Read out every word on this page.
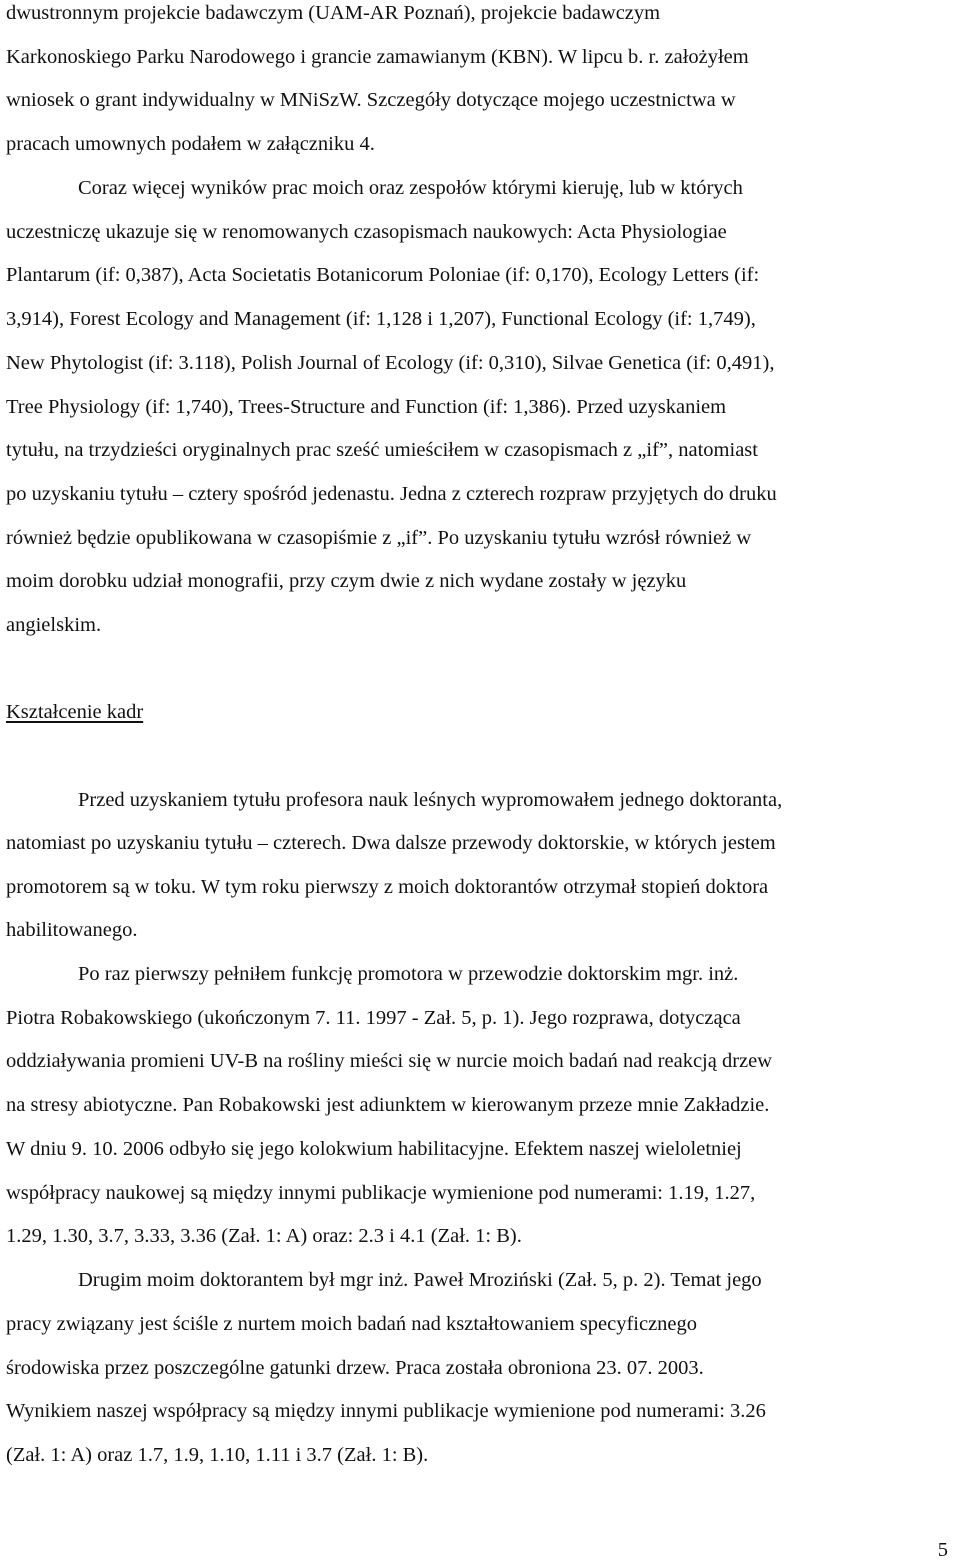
dwustronnym projekcie badawczym (UAM-AR Poznań), projekcie badawczym
Karkonoskiego Parku Narodowego i grancie zamawianym (KBN). W lipcu b. r. założyłem
wniosek o grant indywidualny w MNiSzW. Szczegóły dotyczące mojego uczestnictwa w
pracach umownych podałem w załączniku 4.
Coraz więcej wyników prac moich oraz zespołów którymi kieruję, lub w których
uczestniczę ukazuje się w renomowanych czasopismach naukowych: Acta Physiologiae
Plantarum (if: 0,387), Acta Societatis Botanicorum Poloniae (if: 0,170), Ecology Letters (if:
3,914), Forest Ecology and Management (if: 1,128 i 1,207), Functional Ecology (if: 1,749),
New Phytologist (if: 3.118), Polish Journal of Ecology (if: 0,310), Silvae Genetica (if: 0,491),
Tree Physiology (if: 1,740), Trees-Structure and Function (if: 1,386). Przed uzyskaniem
tytułu, na trzydzieści oryginalnych prac sześć umieściłem w czasopismach z „if”, natomiast
po uzyskaniu tytułu – cztery spośród jedenastu. Jedna z czterech rozpraw przyjętych do druku
również będzie opublikowana w czasopiśmie z „if”. Po uzyskaniu tytułu wzrósł również w
moim dorobku udział monografii, przy czym dwie z nich wydane zostały w języku
angielskim.
Kształcenie kadr
Przed uzyskaniem tytułu profesora nauk leśnych wypromowałem jednego doktoranta,
natomiast po uzyskaniu tytułu – czterech. Dwa dalsze przewody doktorskie, w których jestem
promotorem są w toku. W tym roku pierwszy z moich doktorantów otrzymał stopień doktora
habilitowanego.
Po raz pierwszy pełniłem funkcję promotora w przewodzie doktorskim mgr. inż.
Piotra Robakowskiego (ukończonym 7. 11. 1997 - Zał. 5, p. 1). Jego rozprawa, dotycząca
oddziaływania promieni UV-B na rośliny mieści się w nurcie moich badań nad reakcją drzew
na stresy abiotyczne. Pan Robakowski jest adiunktem w kierowanym przeze mnie Zakładzie.
W dniu 9. 10. 2006 odbyło się jego kolokwium habilitacyjne. Efektem naszej wieloletniej
współpracy naukowej są między innymi publikacje wymienione pod numerami: 1.19, 1.27,
1.29, 1.30, 3.7, 3.33, 3.36 (Zał. 1: A) oraz: 2.3 i 4.1 (Zał. 1: B).
Drugim moim doktorantem był mgr inż. Paweł Mroziński (Zał. 5, p. 2). Temat jego
pracy związany jest ściśle z nurtem moich badań nad kształtowaniem specyficznego
środowiska przez poszczególne gatunki drzew. Praca została obroniona 23. 07. 2003.
Wynikiem naszej współpracy są między innymi publikacje wymienione pod numerami: 3.26
(Zał. 1: A) oraz 1.7, 1.9, 1.10, 1.11 i 3.7 (Zał. 1: B).
5
